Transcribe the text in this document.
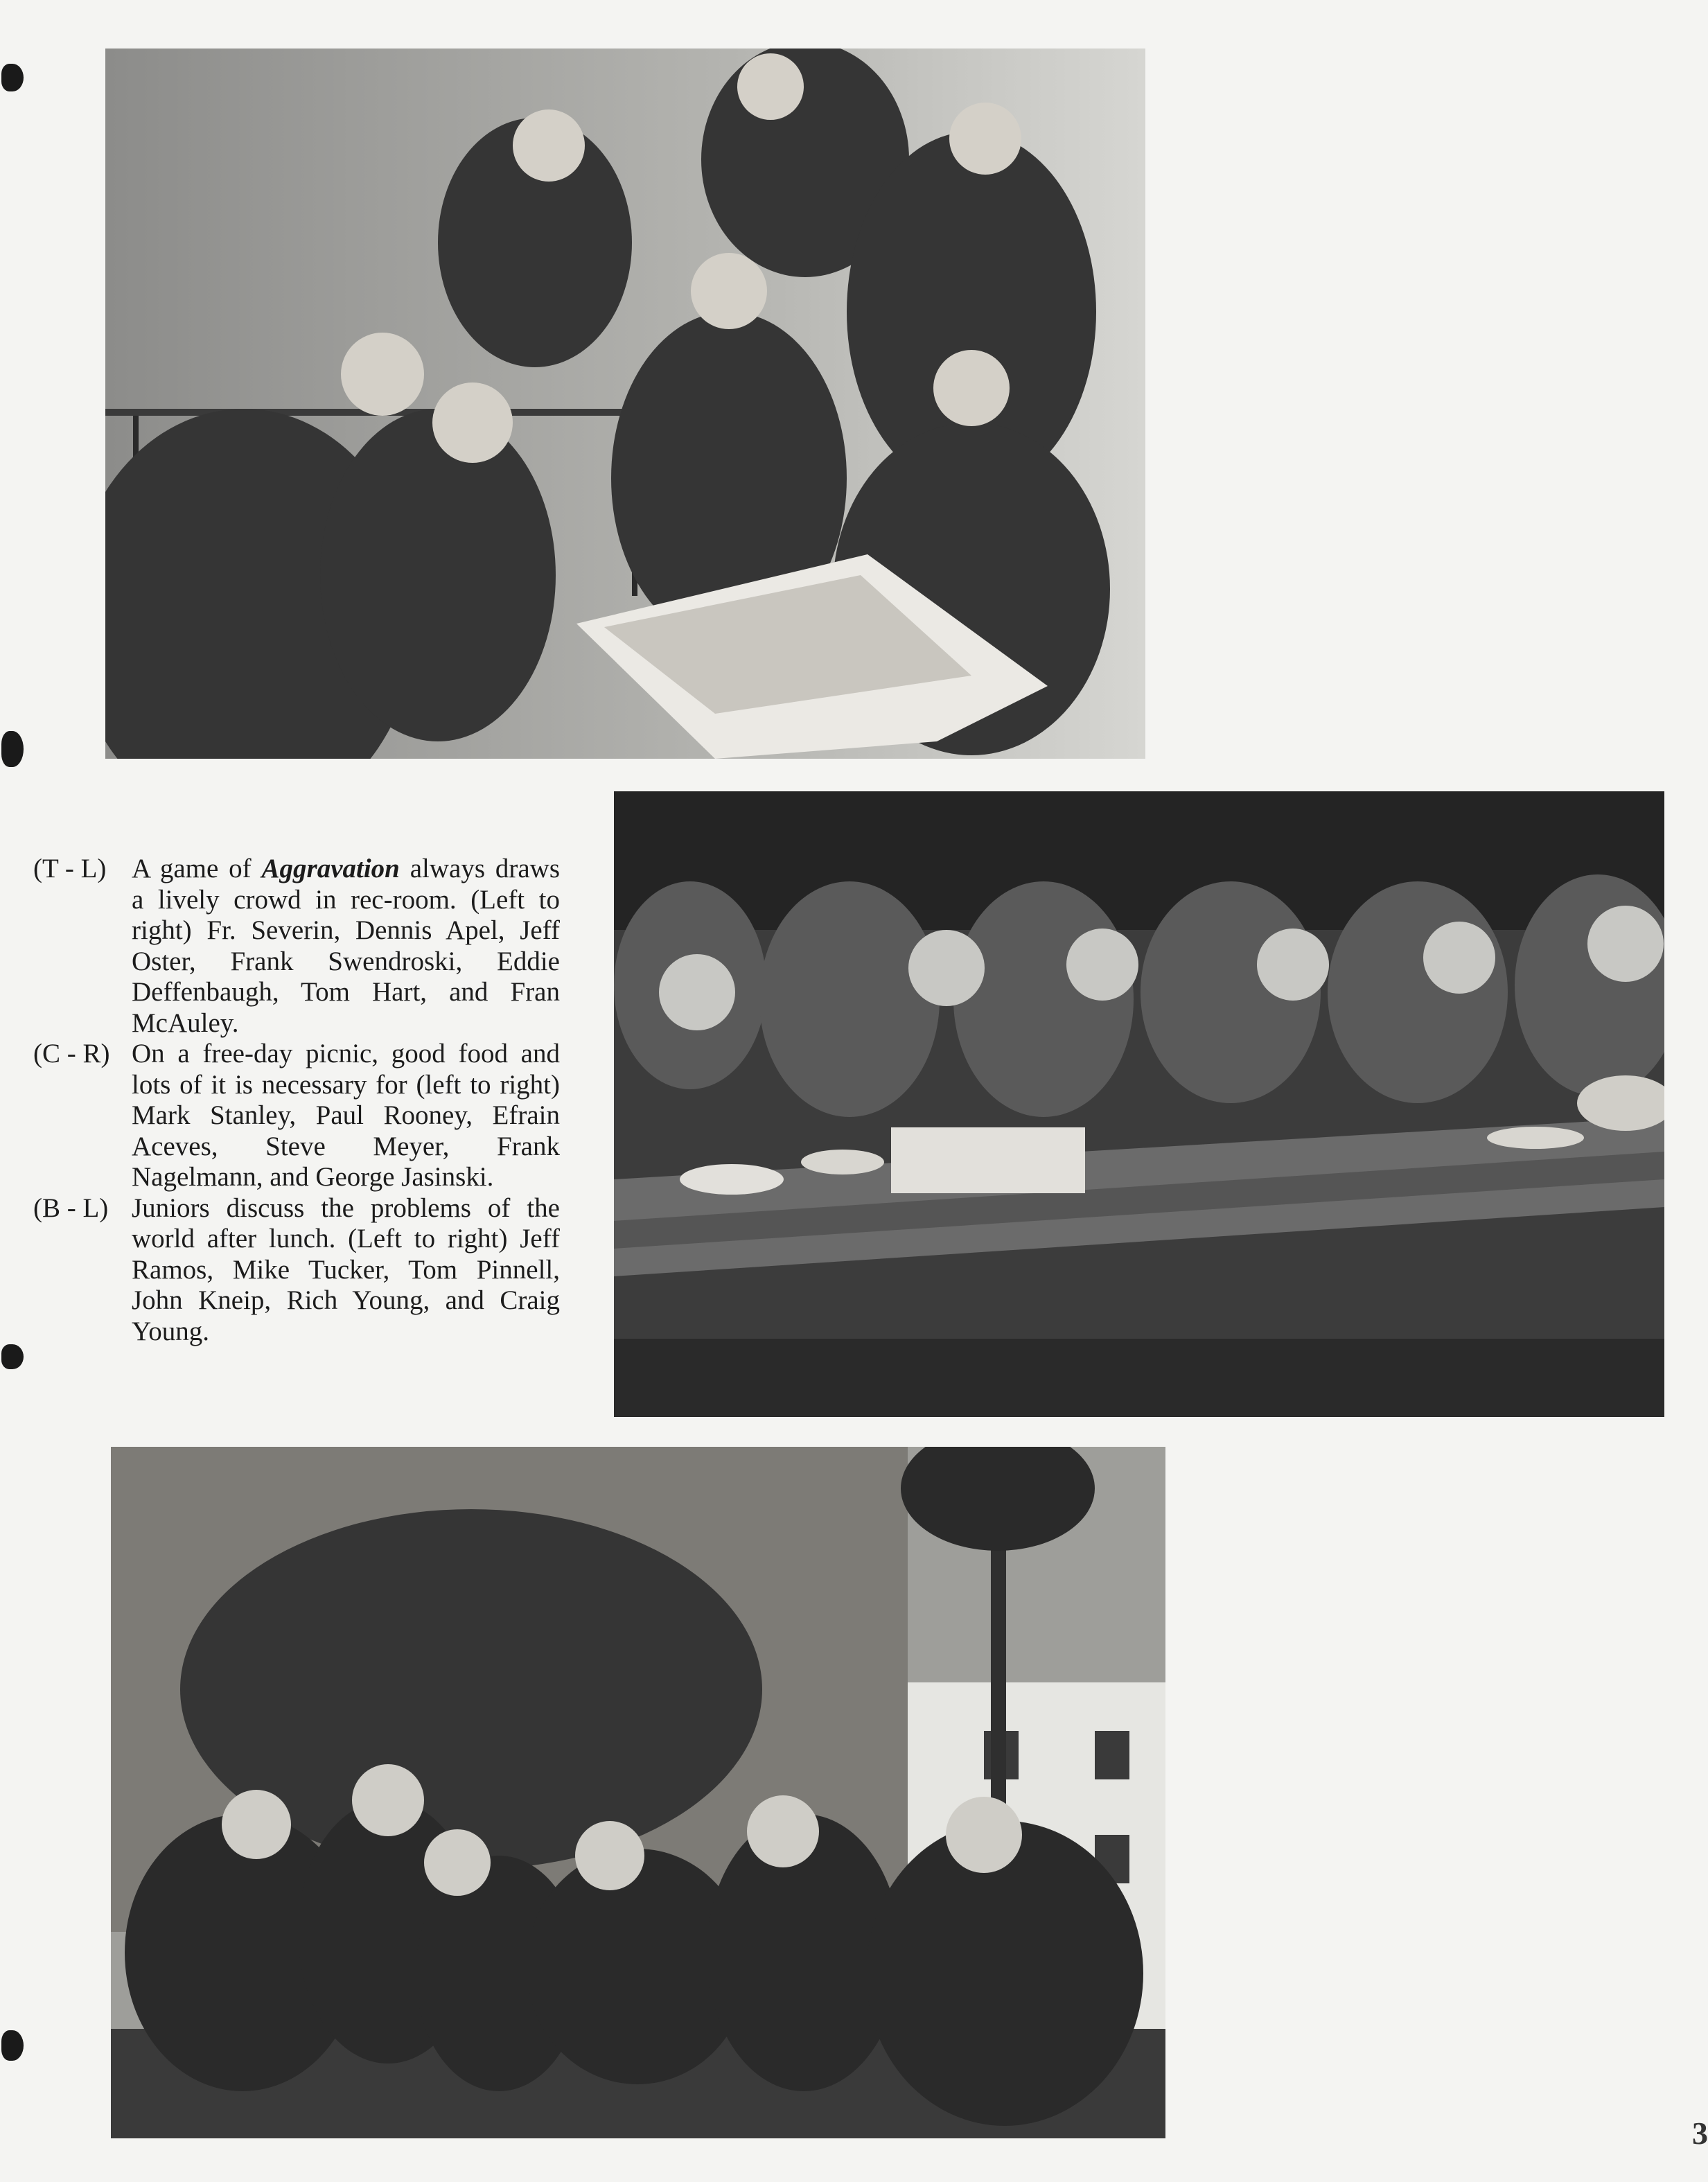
(T - L) A game of Aggravation always draws a lively crowd in rec-room. (Left to right) Fr. Severin, Dennis Apel, Jeff Oster, Frank Swendroski, Eddie Deffenbaugh, Tom Hart, and Fran McAuley.
(C - R) On a free-day picnic, good food and lots of it is necessary for (left to right) Mark Stanley, Paul Rooney, Efrain Aceves, Steve Meyer, Frank Nagelmann, and George Jasinski.
(B - L) Juniors discuss the problems of the world after lunch. (Left to right) Jeff Ramos, Mike Tucker, Tom Pinnell, John Kneip, Rich Young, and Craig Young.
3
